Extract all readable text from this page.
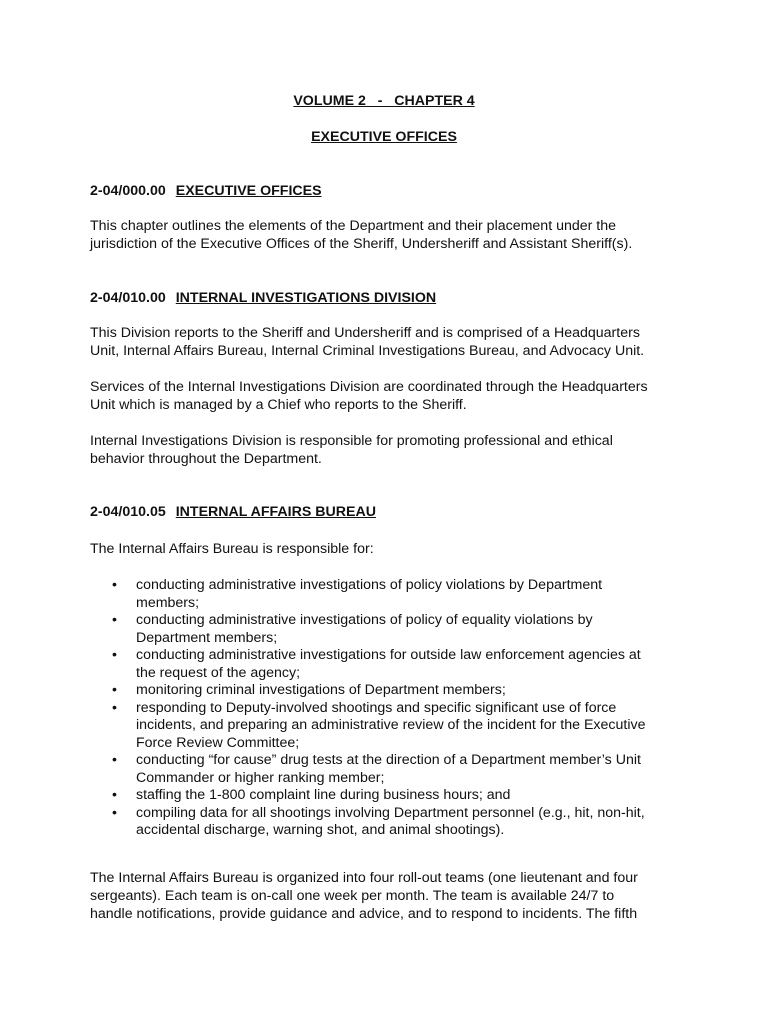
VOLUME 2   -   CHAPTER 4
EXECUTIVE OFFICES
2-04/000.00 EXECUTIVE OFFICES
This chapter outlines the elements of the Department and their placement under the
jurisdiction of the Executive Offices of the Sheriff, Undersheriff and Assistant Sheriff(s).
2-04/010.00 INTERNAL INVESTIGATIONS DIVISION
This Division reports to the Sheriff and Undersheriff and is comprised of a Headquarters
Unit, Internal Affairs Bureau, Internal Criminal Investigations Bureau, and Advocacy Unit.
Services of the Internal Investigations Division are coordinated through the Headquarters
Unit which is managed by a Chief who reports to the Sheriff.
Internal Investigations Division is responsible for promoting professional and ethical
behavior throughout the Department.
2-04/010.05 INTERNAL AFFAIRS BUREAU
The Internal Affairs Bureau is responsible for:
• conducting administrative investigations of policy violations by Department
members;
• conducting administrative investigations of policy of equality violations by
Department members;
• conducting administrative investigations for outside law enforcement agencies at
the request of the agency;
• monitoring criminal investigations of Department members;
• responding to Deputy-involved shootings and specific significant use of force
incidents, and preparing an administrative review of the incident for the Executive
Force Review Committee;
• conducting “for cause” drug tests at the direction of a Department member’s Unit
Commander or higher ranking member;
• staffing the 1-800 complaint line during business hours; and
• compiling data for all shootings involving Department personnel (e.g., hit, non-hit,
accidental discharge, warning shot, and animal shootings).
The Internal Affairs Bureau is organized into four roll-out teams (one lieutenant and four
sergeants). Each team is on-call one week per month. The team is available 24/7 to
handle notifications, provide guidance and advice, and to respond to incidents. The fifth
